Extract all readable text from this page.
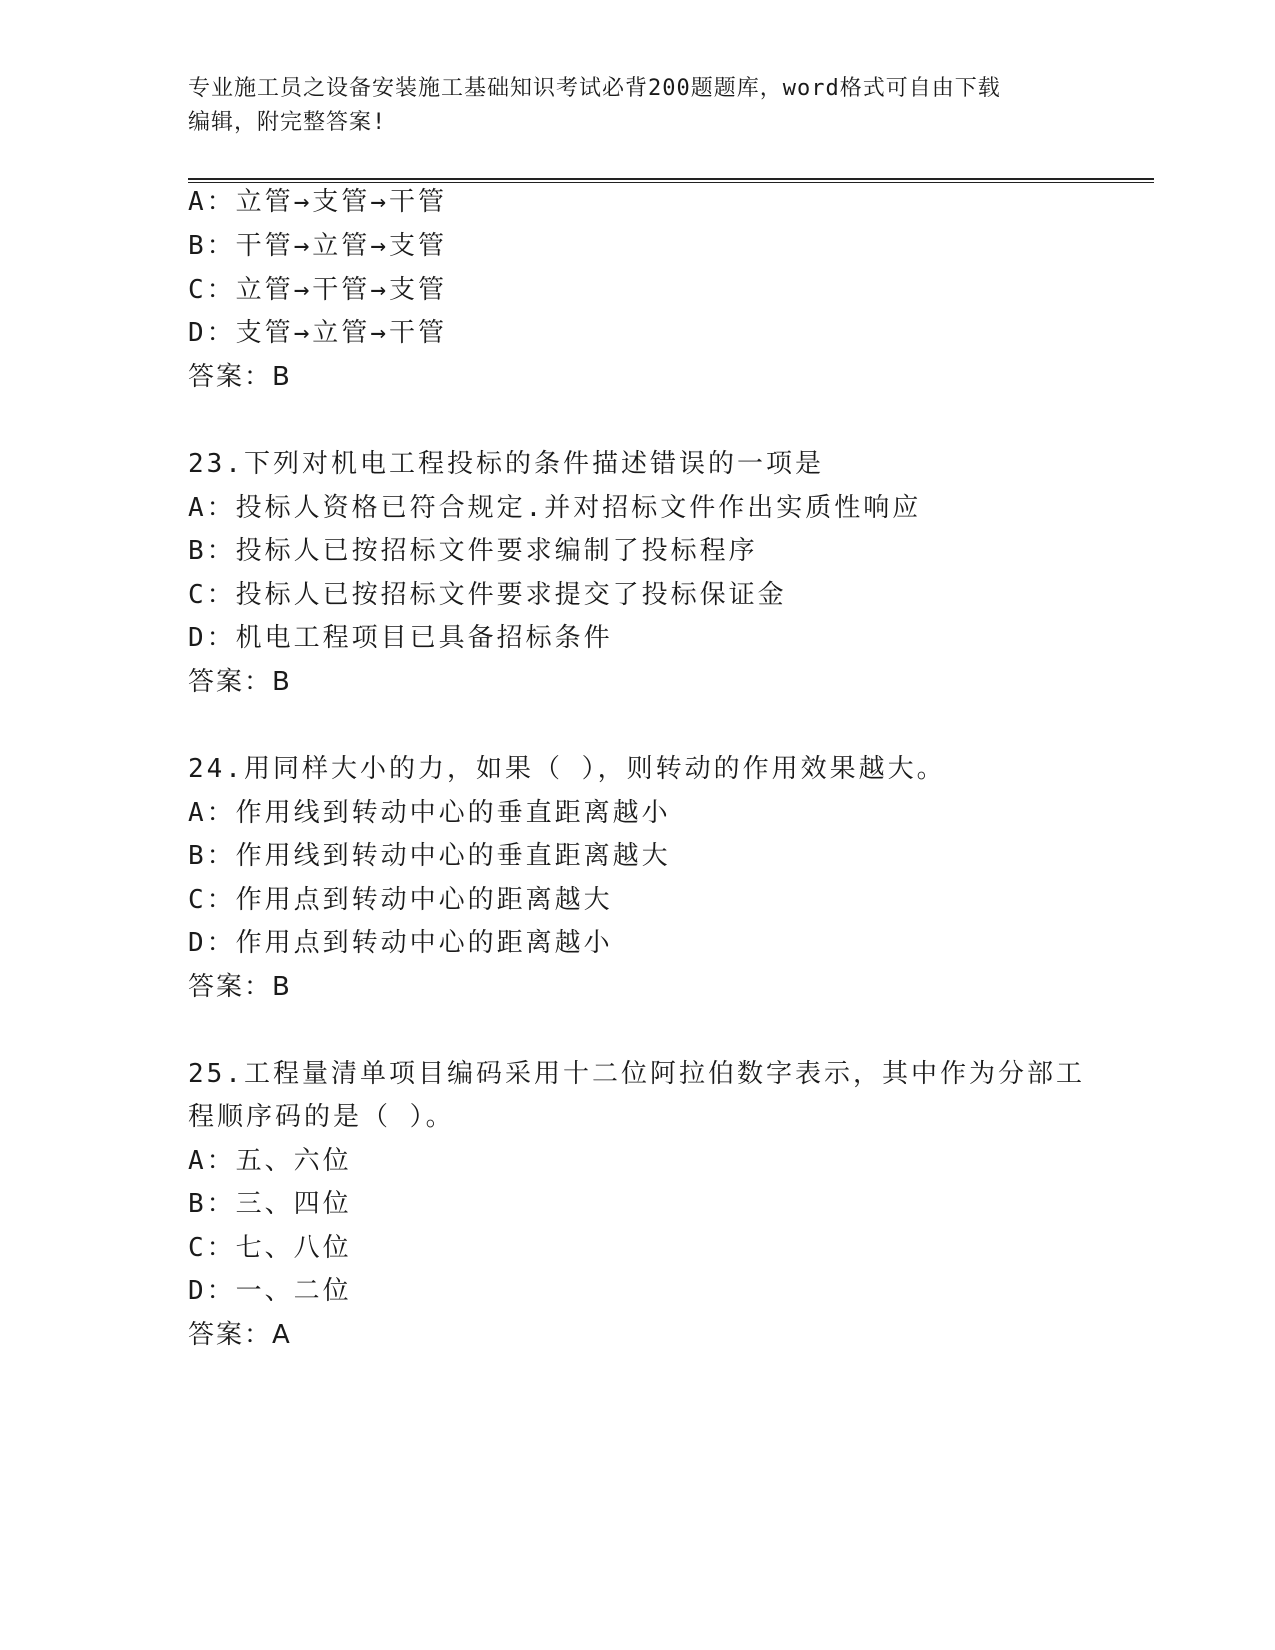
专业施工员之设备安装施工基础知识考试必背200题题库，word格式可自由下载
编辑，附完整答案!
A：立管→支管→干管
B：干管→立管→支管
C：立管→干管→支管
D：支管→立管→干管
答案：B
23.下列对机电工程投标的条件描述错误的一项是
A：投标人资格已符合规定.并对招标文件作出实质性响应
B：投标人已按招标文件要求编制了投标程序
C：投标人已按招标文件要求提交了投标保证金
D：机电工程项目已具备招标条件
答案：B
24.用同样大小的力，如果（ ），则转动的作用效果越大。
A：作用线到转动中心的垂直距离越小
B：作用线到转动中心的垂直距离越大
C：作用点到转动中心的距离越大
D：作用点到转动中心的距离越小
答案：B
25.工程量清单项目编码采用十二位阿拉伯数字表示，其中作为分部工
程顺序码的是（ ）。
A：五、六位
B：三、四位
C：七、八位
D：一、二位
答案：A
